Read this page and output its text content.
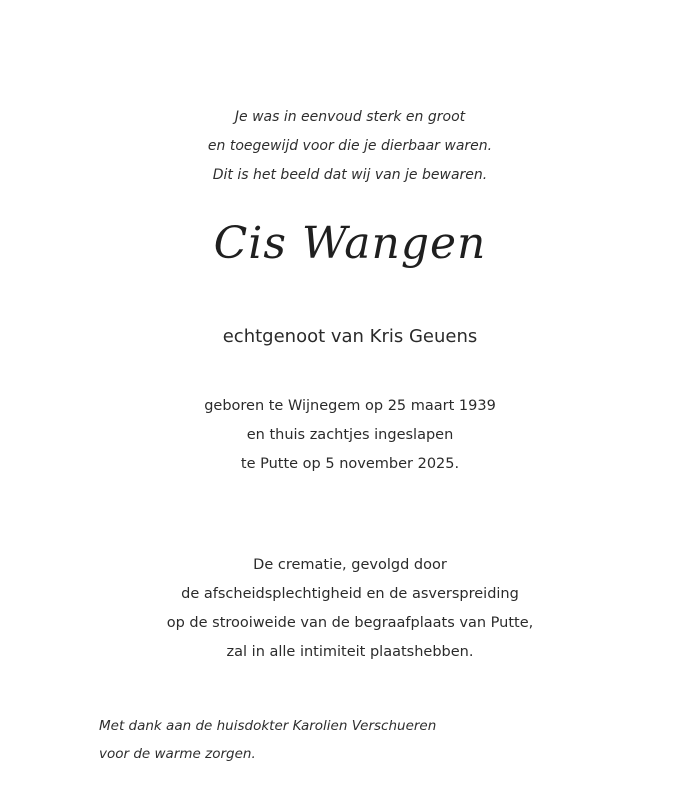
Je was in eenvoud sterk en groot
en toegewijd voor die je dierbaar waren.
Dit is het beeld dat wij van je bewaren.
Cis Wangen
echtgenoot van Kris Geuens
geboren te Wijnegem op 25 maart 1939
en thuis zachtjes ingeslapen
te Putte op 5 november 2025.
De crematie, gevolgd door
de afscheidsplechtigheid en de asverspreiding
op de strooiweide van de begraafplaats van Putte,
zal in alle intimiteit plaatshebben.
Met dank aan de huisdokter Karolien Verschueren
voor de warme zorgen.
